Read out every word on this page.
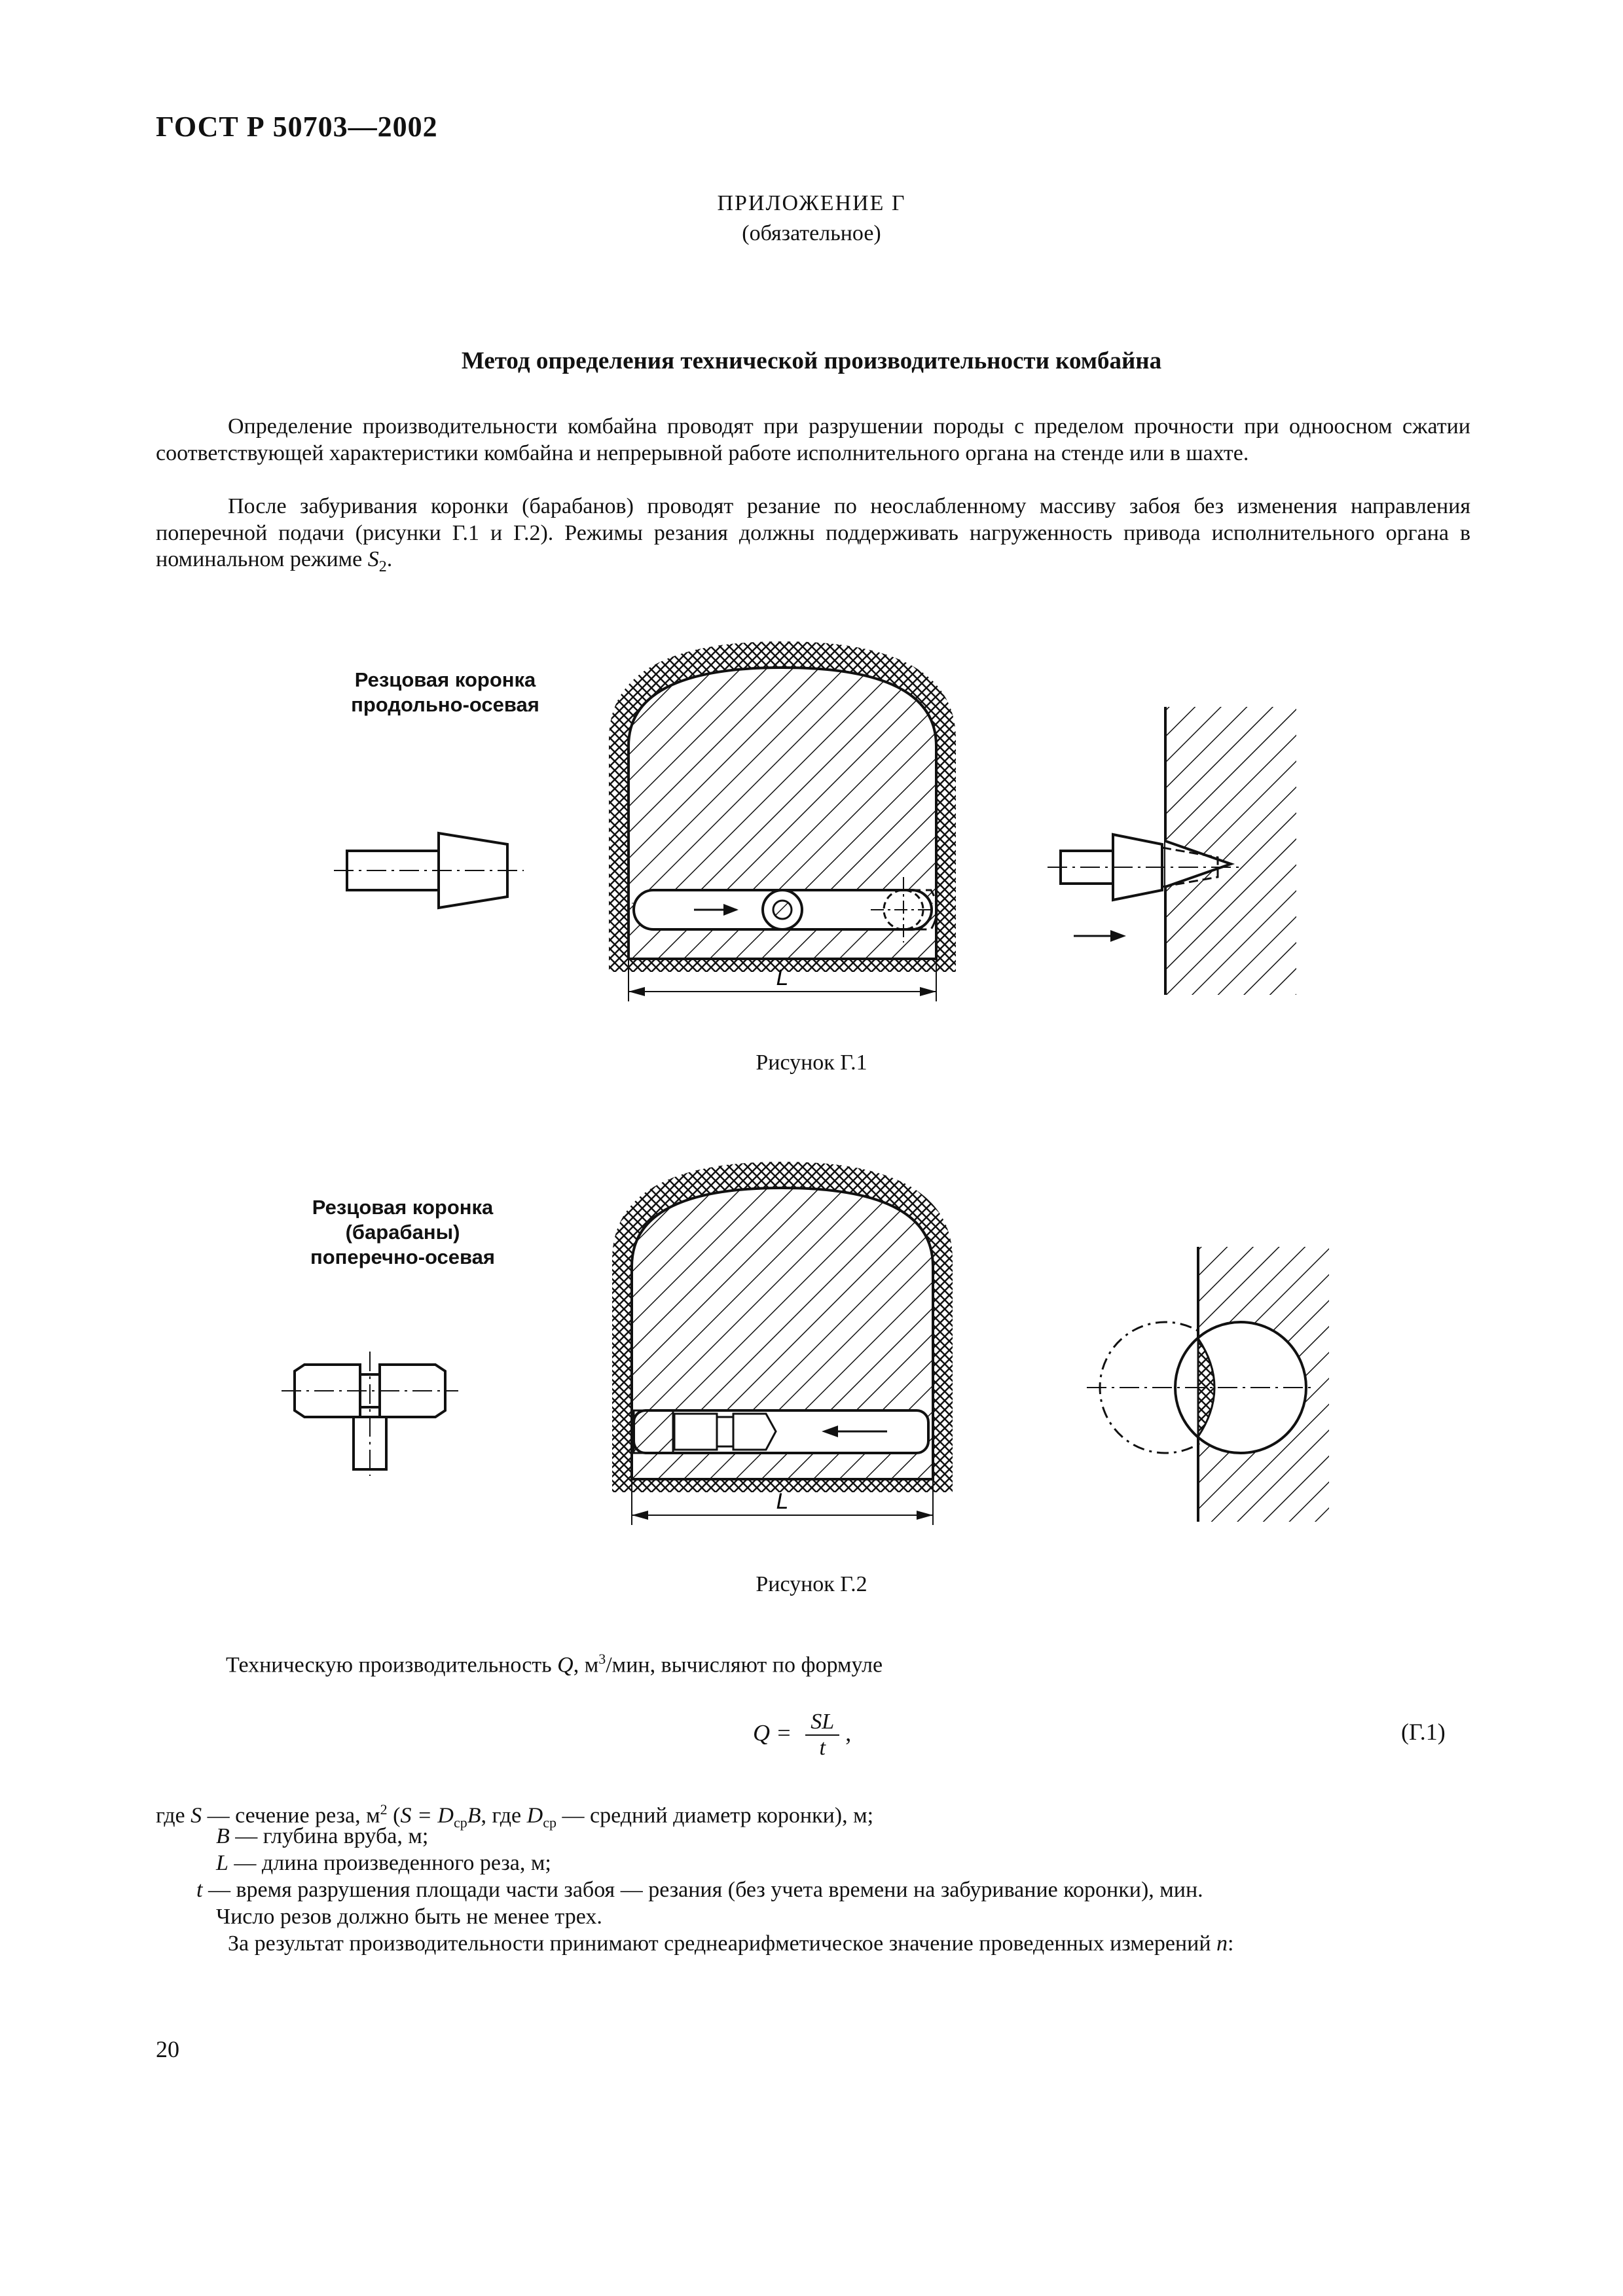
ГОСТ Р 50703—2002
ПРИЛОЖЕНИЕ Г
(обязательное)
Метод определения технической производительности комбайна

Определение производительности комбайна проводят при разрушении породы с пределом прочности при одноосном сжатии соответствующей характеристики комбайна и непрерывной работе исполнительного органа на стенде или в шахте.

После забуривания коронки (барабанов) проводят резание по неослабленному массиву забоя без изменения направления поперечной подачи (рисунки Г.1 и Г.2). Режимы резания должны поддерживать нагруженность привода исполнительного органа в номинальном режиме $S_2$.

Резцовая коронка
продольно-осевая
L
Рисунок Г.1
Резцовая коронка
(барабаны)
поперечно-осевая
L
Рисунок Г.2
Техническую производительность Q, $м^3$/мин, вычисляют по формуле
$Q = \frac{SL}{t}$ ,	(Г.1)
где S — сечение реза, $м^2$ ($S = D_{ср}B$, где $D_{ср}$ — средний диаметр коронки), м;
B — глубина вруба, м;
L — длина произведенного реза, м;
t — время разрушения площади части забоя — резания (без учета времени на забуривание коронки), мин.
Число резов должно быть не менее трех.

За результат производительности принимают среднеарифметическое значение проведенных измерений n:

20
